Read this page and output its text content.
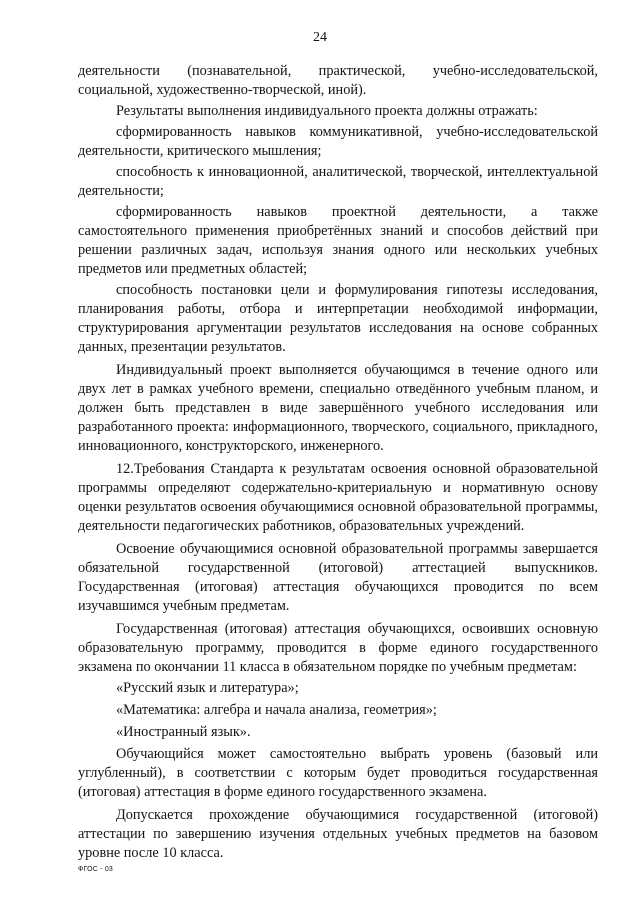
24

деятельности (познавательной, практической, учебно-исследовательской, социальной, художественно-творческой, иной).

Результаты выполнения индивидуального проекта должны отражать:

сформированность навыков коммуникативной, учебно-исследовательской деятельности, критического мышления;

способность к инновационной, аналитической, творческой, интеллектуальной деятельности;

сформированность навыков проектной деятельности, а также самостоятельного применения приобретённых знаний и способов действий при решении различных задач, используя знания одного или нескольких учебных предметов или предметных областей;

способность постановки цели и формулирования гипотезы исследования, планирования работы, отбора и интерпретации необходимой информации, структурирования аргументации результатов исследования на основе собранных данных, презентации результатов.

Индивидуальный проект выполняется обучающимся в течение одного или двух лет в рамках учебного времени, специально отведённого учебным планом, и должен быть представлен в виде завершённого учебного исследования или разработанного проекта: информационного, творческого, социального, прикладного, инновационного, конструкторского, инженерного.

12.Требования Стандарта к результатам освоения основной образовательной программы определяют содержательно-критериальную и нормативную основу оценки результатов освоения обучающимися основной образовательной программы, деятельности педагогических работников, образовательных учреждений.

Освоение обучающимися основной образовательной программы завершается обязательной государственной (итоговой) аттестацией выпускников. Государственная (итоговая) аттестация обучающихся проводится по всем изучавшимся учебным предметам.

Государственная (итоговая) аттестация обучающихся, освоивших основную образовательную программу, проводится в форме единого государственного экзамена по окончании 11 класса в обязательном порядке по учебным предметам:

«Русский язык и литература»;

«Математика: алгебра и начала анализа, геометрия»;

«Иностранный язык».

Обучающийся может самостоятельно выбрать уровень (базовый или углубленный), в соответствии с которым будет проводиться государственная (итоговая) аттестация в форме единого государственного экзамена.

Допускается прохождение обучающимися государственной (итоговой) аттестации по завершению изучения отдельных учебных предметов на базовом уровне после 10 класса.

ФГОС - 03
